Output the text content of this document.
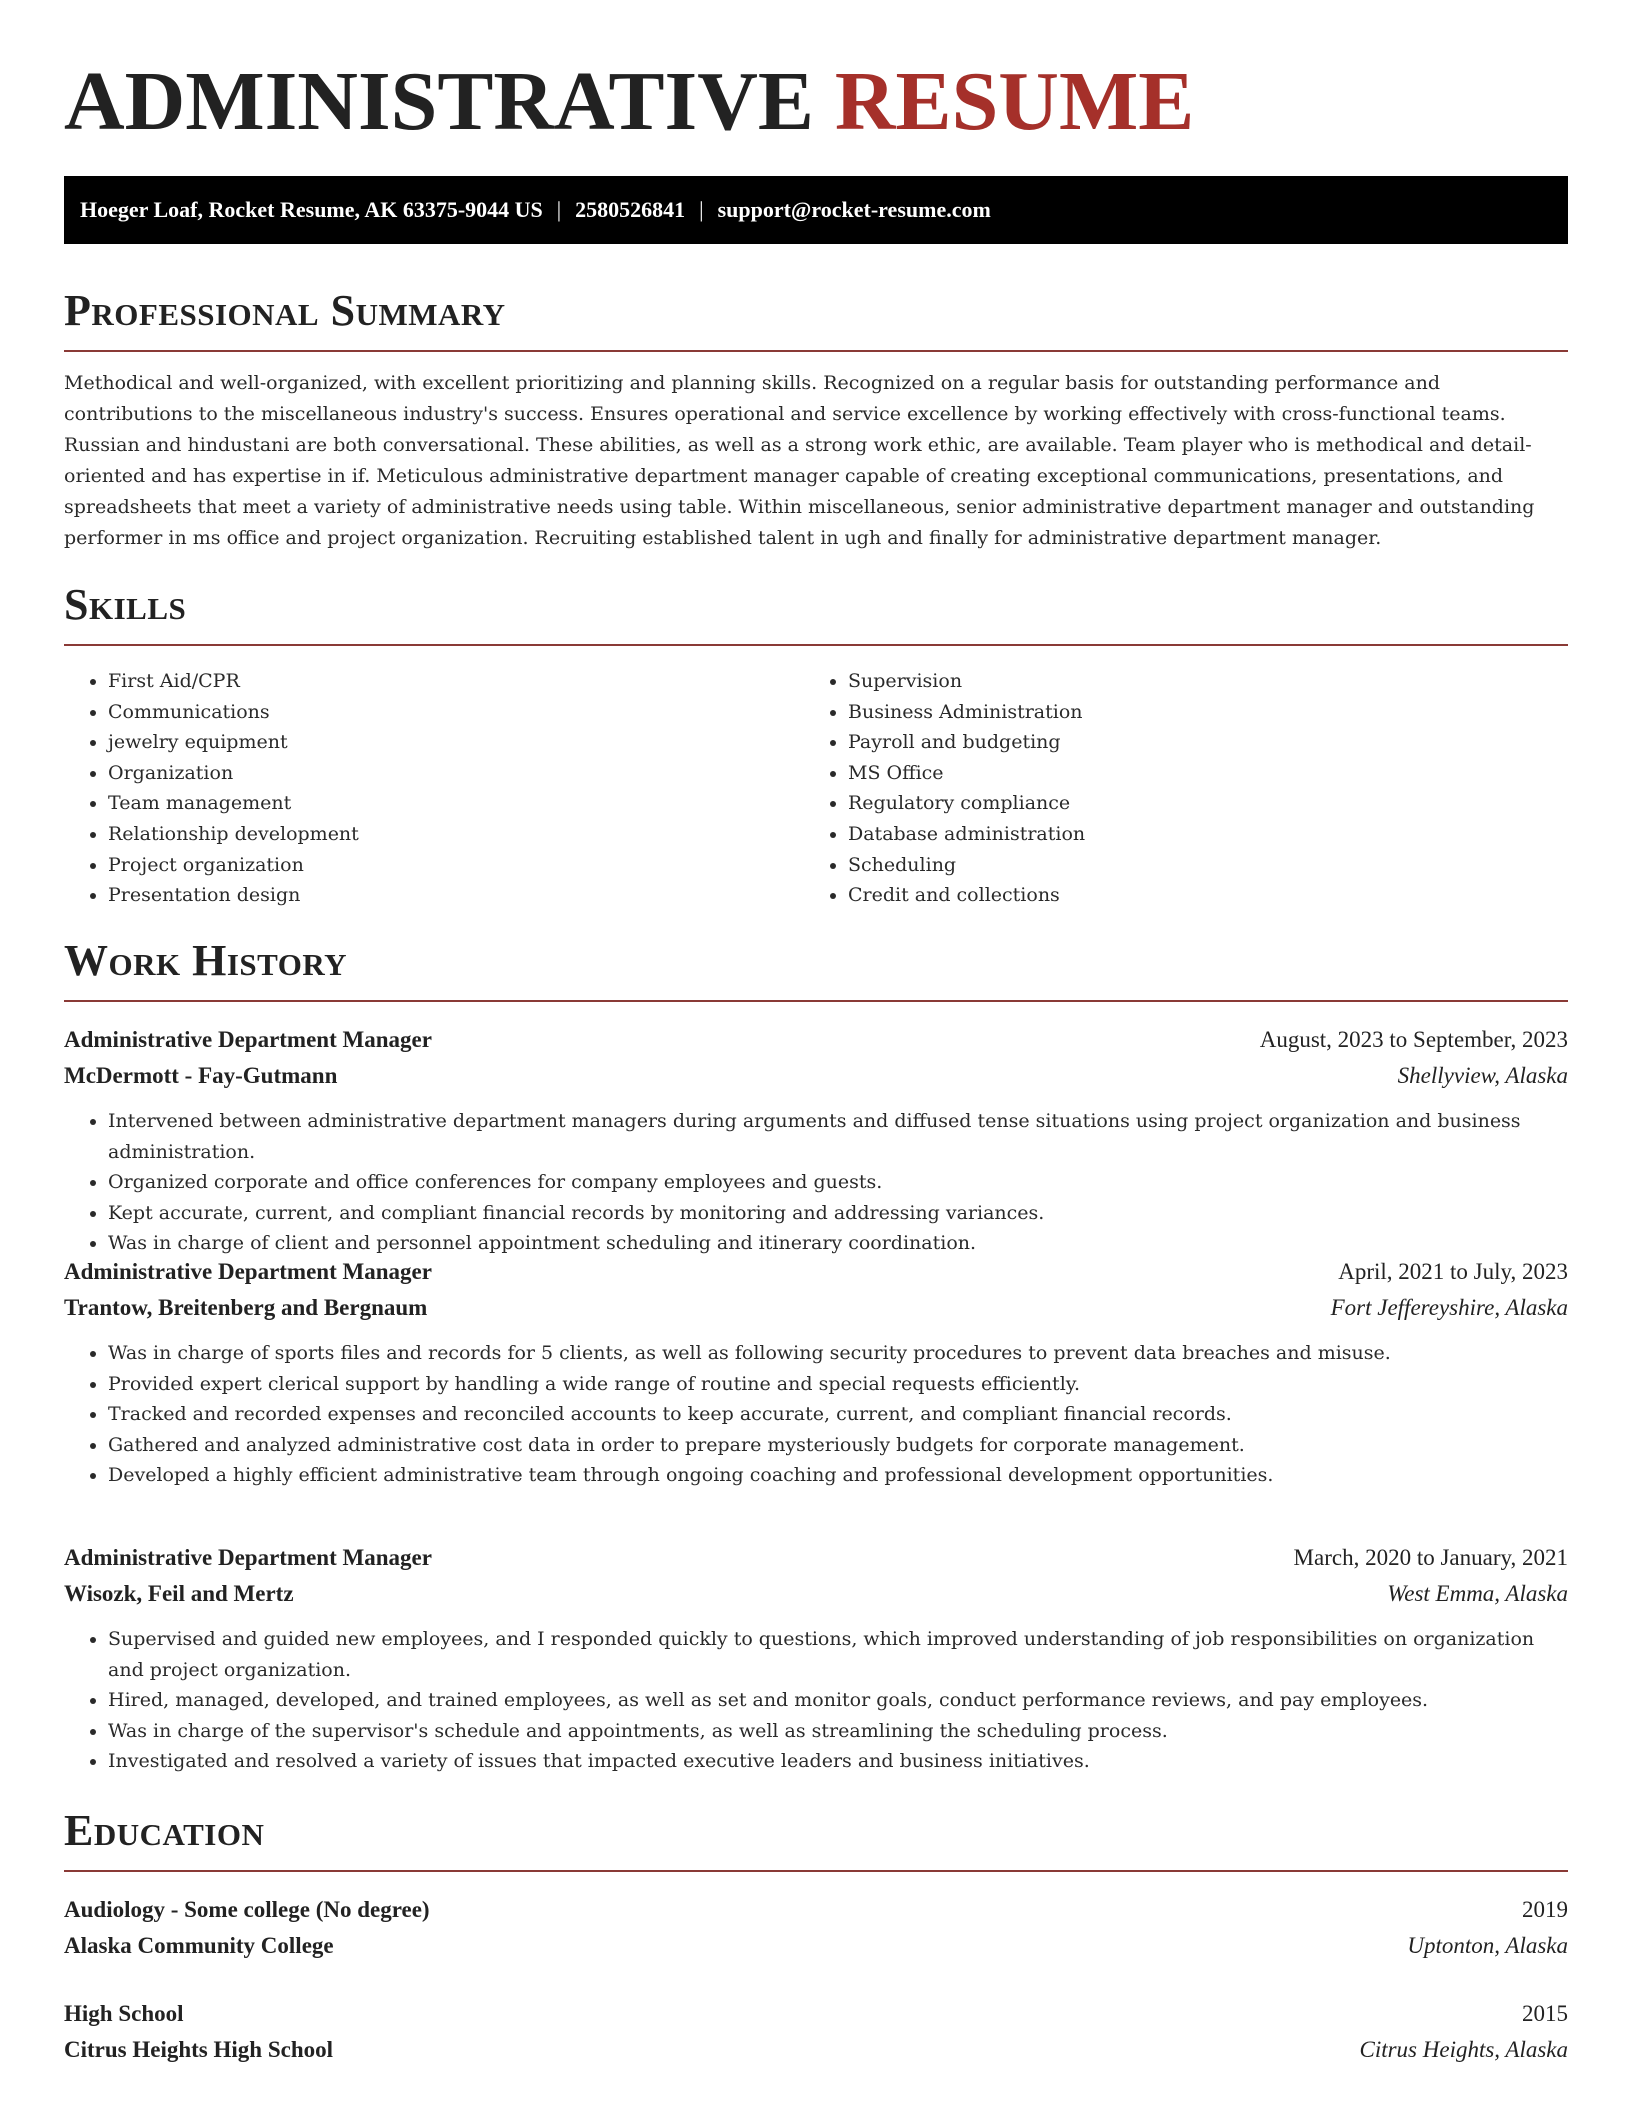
ADMINISTRATIVE RESUME
Hoeger Loaf, Rocket Resume, AK 63375-9044 US | 2580526841 | support@rocket-resume.com
Professional Summary

Methodical and well-organized, with excellent prioritizing and planning skills. Recognized on a regular basis for outstanding performance and contributions to the miscellaneous industry's success. Ensures operational and service excellence by working effectively with cross-functional teams. Russian and hindustani are both conversational. These abilities, as well as a strong work ethic, are available. Team player who is methodical and detail-oriented and has expertise in if. Meticulous administrative department manager capable of creating exceptional communications, presentations, and spreadsheets that meet a variety of administrative needs using table. Within miscellaneous, senior administrative department manager and outstanding performer in ms office and project organization. Recruiting established talent in ugh and finally for administrative department manager.

Skills
• First Aid/CPR
• Communications
• jewelry equipment
• Organization
• Team management
• Relationship development
• Project organization
• Presentation design
• Supervision
• Business Administration
• Payroll and budgeting
• MS Office
• Regulatory compliance
• Database administration
• Scheduling
• Credit and collections
Work History
Administrative Department Manager	August, 2023 to September, 2023
McDermott - Fay-Gutmann	Shellyview, Alaska
• Intervened between administrative department managers during arguments and diffused tense situations using project organization and business administration.
• Organized corporate and office conferences for company employees and guests.
• Kept accurate, current, and compliant financial records by monitoring and addressing variances.
• Was in charge of client and personnel appointment scheduling and itinerary coordination.
Administrative Department Manager	April, 2021 to July, 2023
Trantow, Breitenberg and Bergnaum	Fort Jeffereyshire, Alaska
• Was in charge of sports files and records for 5 clients, as well as following security procedures to prevent data breaches and misuse.
• Provided expert clerical support by handling a wide range of routine and special requests efficiently.
• Tracked and recorded expenses and reconciled accounts to keep accurate, current, and compliant financial records.
• Gathered and analyzed administrative cost data in order to prepare mysteriously budgets for corporate management.
• Developed a highly efficient administrative team through ongoing coaching and professional development opportunities.
Administrative Department Manager	March, 2020 to January, 2021
Wisozk, Feil and Mertz	West Emma, Alaska
• Supervised and guided new employees, and I responded quickly to questions, which improved understanding of job responsibilities on organization and project organization.
• Hired, managed, developed, and trained employees, as well as set and monitor goals, conduct performance reviews, and pay employees.
• Was in charge of the supervisor's schedule and appointments, as well as streamlining the scheduling process.
• Investigated and resolved a variety of issues that impacted executive leaders and business initiatives.
Education
Audiology - Some college (No degree)	2019
Alaska Community College	Uptonton, Alaska
High School	2015
Citrus Heights High School	Citrus Heights, Alaska
